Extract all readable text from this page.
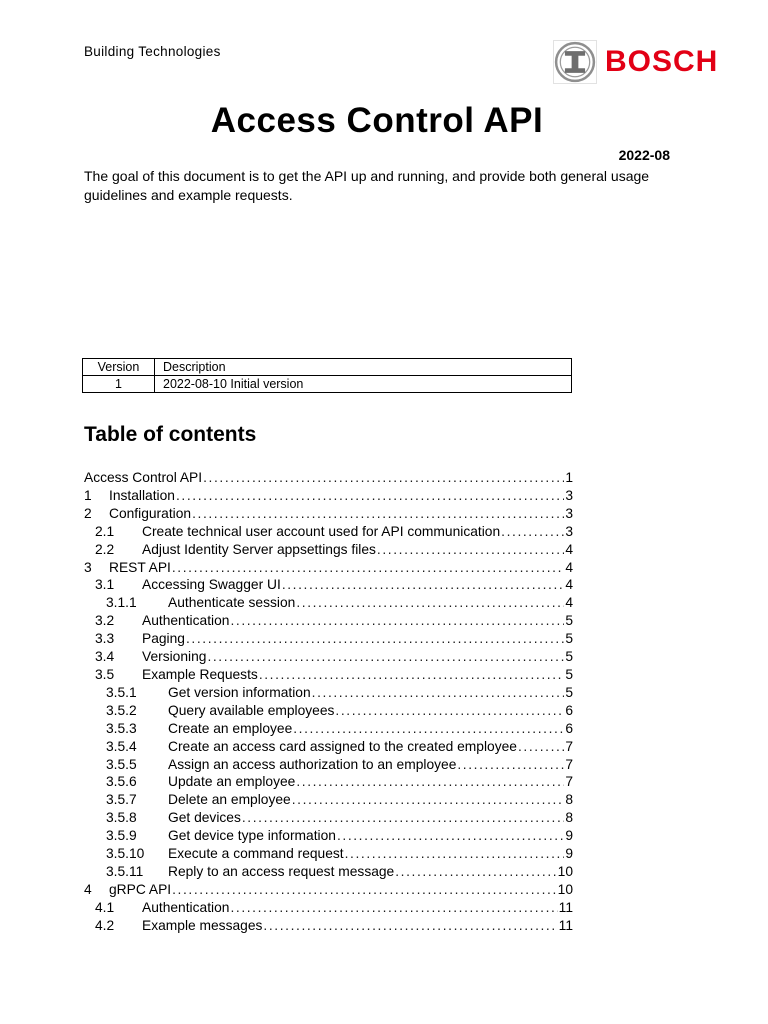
Building Technologies	BOSCH
Access Control API
2022-08
The goal of this document is to get the API up and running, and provide both general usage
guidelines and example requests.
Version	Description
1	2022-08-10 Initial version
Table of contents
Access Control API .....	1
1	Installation .....	3
2	Configuration .....	3
2.1	Create technical user account used for API communication .....	3
2.2	Adjust Identity Server appsettings files .....	4
3	REST API .....	4
3.1	Accessing Swagger UI .....	4
3.1.1	Authenticate session .....	4
3.2	Authentication .....	5
3.3	Paging .....	5
3.4	Versioning .....	5
3.5	Example Requests .....	5
3.5.1	Get version information .....	5
3.5.2	Query available employees .....	6
3.5.3	Create an employee .....	6
3.5.4	Create an access card assigned to the created employee .....	7
3.5.5	Assign an access authorization to an employee .....	7
3.5.6	Update an employee .....	7
3.5.7	Delete an employee .....	8
3.5.8	Get devices .....	8
3.5.9	Get device type information .....	9
3.5.10	Execute a command request .....	9
3.5.11	Reply to an access request message .....	10
4	gRPC API .....	10
4.1	Authentication .....	11
4.2	Example messages .....	11
